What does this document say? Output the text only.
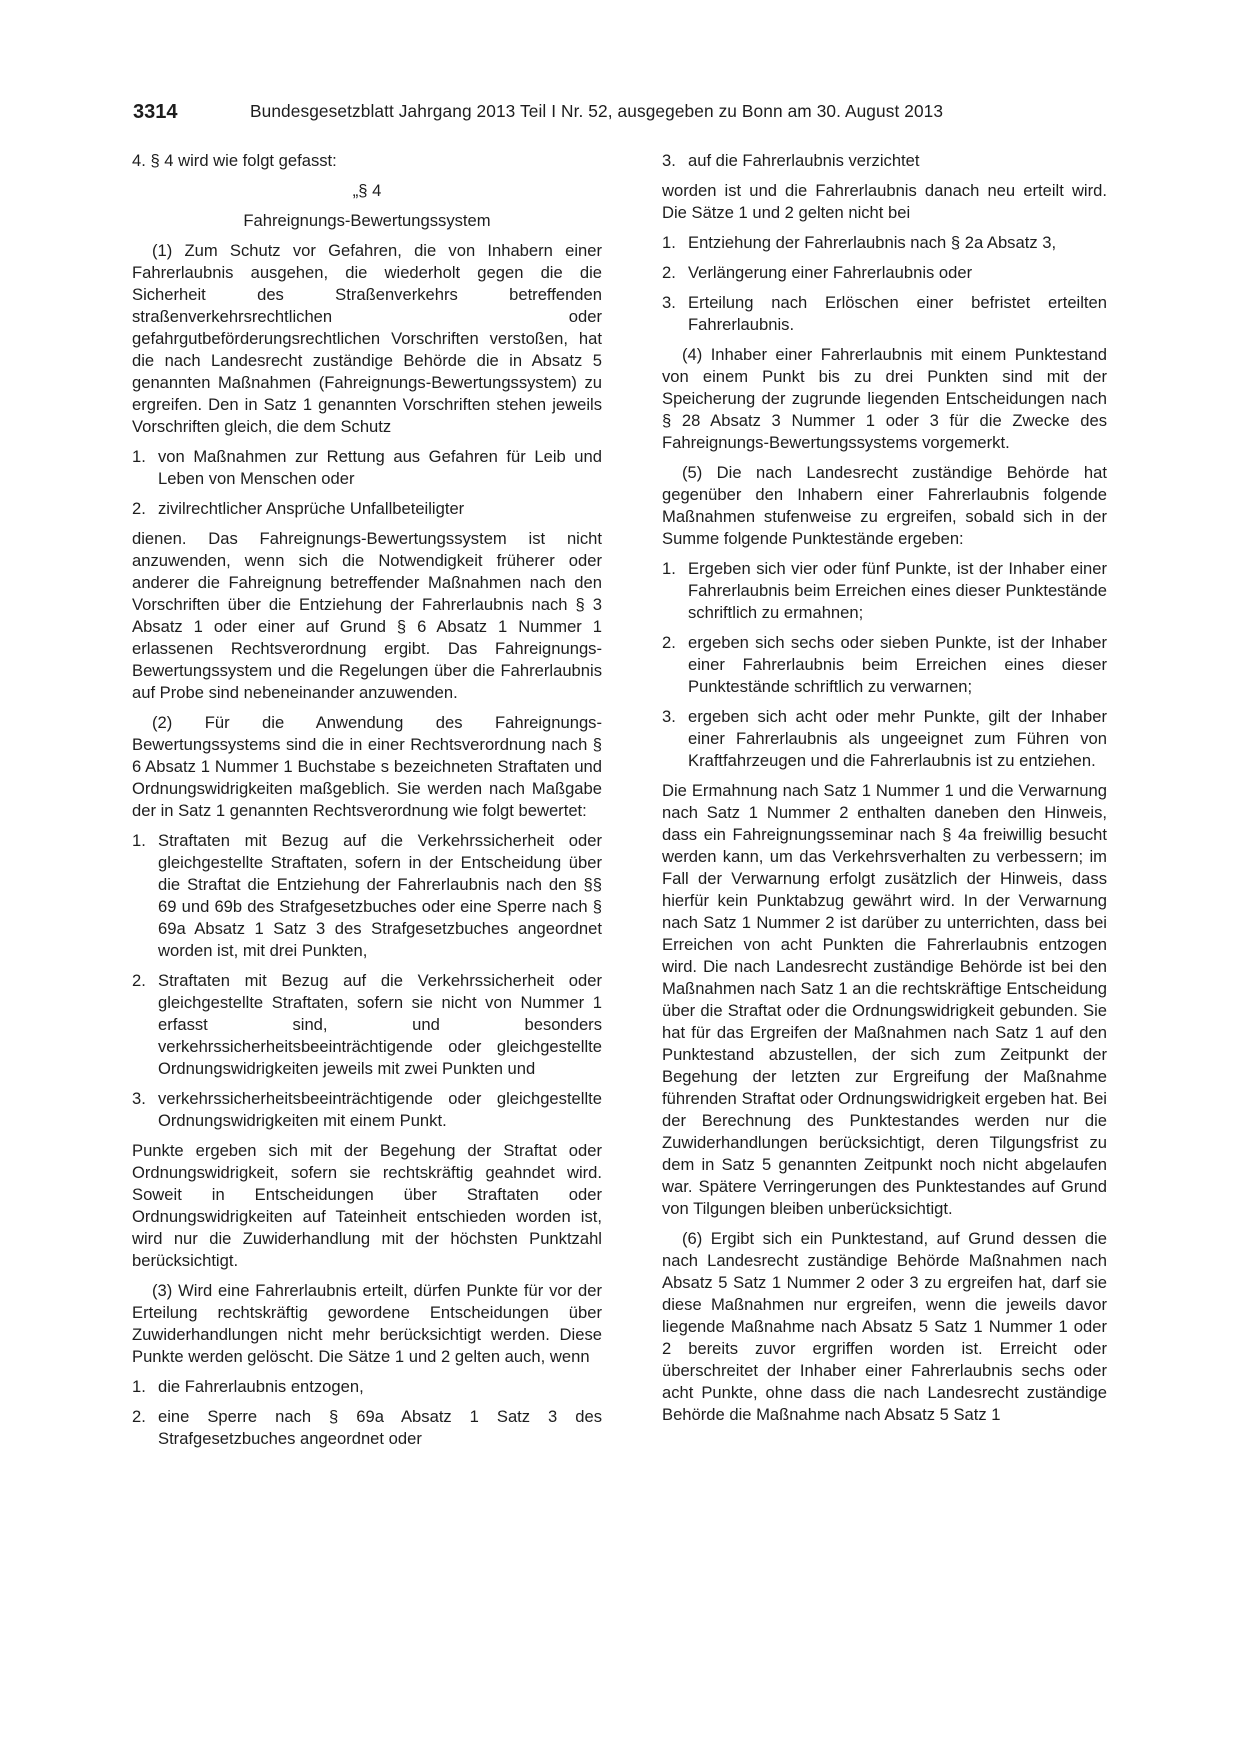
3314	Bundesgesetzblatt Jahrgang 2013 Teil I Nr. 52, ausgegeben zu Bonn am 30. August 2013

4. § 4 wird wie folgt gefasst:

„§ 4

Fahreignungs-Bewertungssystem

(1) Zum Schutz vor Gefahren, die von Inhabern einer Fahrerlaubnis ausgehen, die wiederholt gegen die die Sicherheit des Straßenverkehrs betreffenden straßenverkehrsrechtlichen oder gefahrgutbeförderungsrechtlichen Vorschriften verstoßen, hat die nach Landesrecht zuständige Behörde die in Absatz 5 genannten Maßnahmen (Fahreignungs-Bewertungssystem) zu ergreifen. Den in Satz 1 genannten Vorschriften stehen jeweils Vorschriften gleich, die dem Schutz

1. von Maßnahmen zur Rettung aus Gefahren für Leib und Leben von Menschen oder
2. zivilrechtlicher Ansprüche Unfallbeteiligter

dienen. Das Fahreignungs-Bewertungssystem ist nicht anzuwenden, wenn sich die Notwendigkeit früherer oder anderer die Fahreignung betreffender Maßnahmen nach den Vorschriften über die Entziehung der Fahrerlaubnis nach § 3 Absatz 1 oder einer auf Grund § 6 Absatz 1 Nummer 1 erlassenen Rechtsverordnung ergibt. Das Fahreignungs-Bewertungssystem und die Regelungen über die Fahrerlaubnis auf Probe sind nebeneinander anzuwenden.

(2) Für die Anwendung des Fahreignungs-Bewertungssystems sind die in einer Rechtsverordnung nach § 6 Absatz 1 Nummer 1 Buchstabe s bezeichneten Straftaten und Ordnungswidrigkeiten maßgeblich. Sie werden nach Maßgabe der in Satz 1 genannten Rechtsverordnung wie folgt bewertet:

1. Straftaten mit Bezug auf die Verkehrssicherheit oder gleichgestellte Straftaten, sofern in der Entscheidung über die Straftat die Entziehung der Fahrerlaubnis nach den §§ 69 und 69b des Strafgesetzbuches oder eine Sperre nach § 69a Absatz 1 Satz 3 des Strafgesetzbuches angeordnet worden ist, mit drei Punkten,
2. Straftaten mit Bezug auf die Verkehrssicherheit oder gleichgestellte Straftaten, sofern sie nicht von Nummer 1 erfasst sind, und besonders verkehrssicherheitsbeeinträchtigende oder gleichgestellte Ordnungswidrigkeiten jeweils mit zwei Punkten und
3. verkehrssicherheitsbeeinträchtigende oder gleichgestellte Ordnungswidrigkeiten mit einem Punkt.

Punkte ergeben sich mit der Begehung der Straftat oder Ordnungswidrigkeit, sofern sie rechtskräftig geahndet wird. Soweit in Entscheidungen über Straftaten oder Ordnungswidrigkeiten auf Tateinheit entschieden worden ist, wird nur die Zuwiderhandlung mit der höchsten Punktzahl berücksichtigt.

(3) Wird eine Fahrerlaubnis erteilt, dürfen Punkte für vor der Erteilung rechtskräftig gewordene Entscheidungen über Zuwiderhandlungen nicht mehr berücksichtigt werden. Diese Punkte werden gelöscht. Die Sätze 1 und 2 gelten auch, wenn

1. die Fahrerlaubnis entzogen,
2. eine Sperre nach § 69a Absatz 1 Satz 3 des Strafgesetzbuches angeordnet oder
3. auf die Fahrerlaubnis verzichtet

worden ist und die Fahrerlaubnis danach neu erteilt wird. Die Sätze 1 und 2 gelten nicht bei

1. Entziehung der Fahrerlaubnis nach § 2a Absatz 3,
2. Verlängerung einer Fahrerlaubnis oder
3. Erteilung nach Erlöschen einer befristet erteilten Fahrerlaubnis.

(4) Inhaber einer Fahrerlaubnis mit einem Punktestand von einem Punkt bis zu drei Punkten sind mit der Speicherung der zugrunde liegenden Entscheidungen nach § 28 Absatz 3 Nummer 1 oder 3 für die Zwecke des Fahreignungs-Bewertungssystems vorgemerkt.

(5) Die nach Landesrecht zuständige Behörde hat gegenüber den Inhabern einer Fahrerlaubnis folgende Maßnahmen stufenweise zu ergreifen, sobald sich in der Summe folgende Punktestände ergeben:

1. Ergeben sich vier oder fünf Punkte, ist der Inhaber einer Fahrerlaubnis beim Erreichen eines dieser Punktestände schriftlich zu ermahnen;
2. ergeben sich sechs oder sieben Punkte, ist der Inhaber einer Fahrerlaubnis beim Erreichen eines dieser Punktestände schriftlich zu verwarnen;
3. ergeben sich acht oder mehr Punkte, gilt der Inhaber einer Fahrerlaubnis als ungeeignet zum Führen von Kraftfahrzeugen und die Fahrerlaubnis ist zu entziehen.

Die Ermahnung nach Satz 1 Nummer 1 und die Verwarnung nach Satz 1 Nummer 2 enthalten daneben den Hinweis, dass ein Fahreignungsseminar nach § 4a freiwillig besucht werden kann, um das Verkehrsverhalten zu verbessern; im Fall der Verwarnung erfolgt zusätzlich der Hinweis, dass hierfür kein Punktabzug gewährt wird. In der Verwarnung nach Satz 1 Nummer 2 ist darüber zu unterrichten, dass bei Erreichen von acht Punkten die Fahrerlaubnis entzogen wird. Die nach Landesrecht zuständige Behörde ist bei den Maßnahmen nach Satz 1 an die rechtskräftige Entscheidung über die Straftat oder die Ordnungswidrigkeit gebunden. Sie hat für das Ergreifen der Maßnahmen nach Satz 1 auf den Punktestand abzustellen, der sich zum Zeitpunkt der Begehung der letzten zur Ergreifung der Maßnahme führenden Straftat oder Ordnungswidrigkeit ergeben hat. Bei der Berechnung des Punktestandes werden nur die Zuwiderhandlungen berücksichtigt, deren Tilgungsfrist zu dem in Satz 5 genannten Zeitpunkt noch nicht abgelaufen war. Spätere Verringerungen des Punktestandes auf Grund von Tilgungen bleiben unberücksichtigt.

(6) Ergibt sich ein Punktestand, auf Grund dessen die nach Landesrecht zuständige Behörde Maßnahmen nach Absatz 5 Satz 1 Nummer 2 oder 3 zu ergreifen hat, darf sie diese Maßnahmen nur ergreifen, wenn die jeweils davor liegende Maßnahme nach Absatz 5 Satz 1 Nummer 1 oder 2 bereits zuvor ergriffen worden ist. Erreicht oder überschreitet der Inhaber einer Fahrerlaubnis sechs oder acht Punkte, ohne dass die nach Landesrecht zuständige Behörde die Maßnahme nach Absatz 5 Satz 1
